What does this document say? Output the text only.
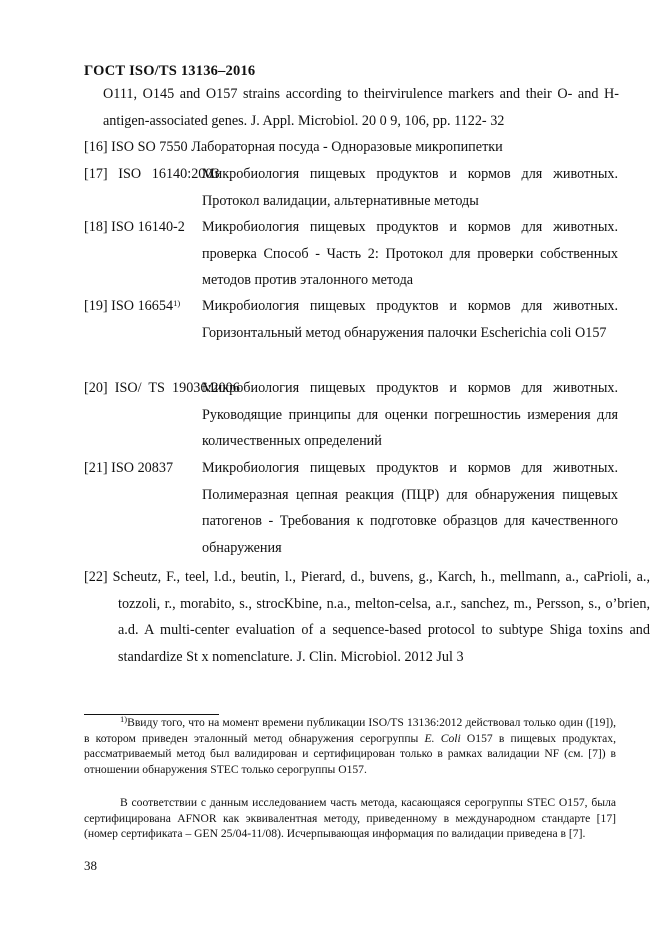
ГОСТ ISO/TS 13136–2016
O111, O145 and O157 strains according to theirvirulence markers and their O- and H-antigen-associated genes. J. Appl. Microbiol. 20 0 9, 106, pp. 1122- 32
[16] ISO SO 7550 Лабораторная посуда - Одноразовые микропипетки
[17]   ISO   16140:2003
Микробиология пищевых продуктов и кормов для животных. Протокол валидации, альтернативные методы
[18] ISO 16140-2 Микробиология пищевых продуктов и кормов для животных. проверка Способ - Часть 2: Протокол для проверки собственных методов против эталонного метода
[19] ISO 16654$^{1)}$ Микробиология пищевых продуктов и кормов для животных. Горизонтальный метод обнаружения палочки Escherichia coli O157
[20]  ISO/  TS  19036:2006
Микробиология пищевых продуктов и кормов для животных. Руководящие принципы для оценки погрешностиь измерения для количественных определений
[21] ISO 20837 Микробиология пищевых продуктов и кормов для животных. Полимеразная цепная реакция (ПЦР) для обнаружения пищевых патогенов - Требования к подготовке образцов для качественного обнаружения
[22] Scheutz, F., teel, l.d., beutin, l., Pierard, d., buvens, g., Karch, h., mellmann, a., caPrioli, a., tozzoli, r., morabito, s., strocKbine, n.a., melton-celsa, a.r., sanchez, m., Persson, s., o’brien, a.d. A multi-center evaluation of a sequence-based protocol to subtype Shiga toxins and standardize St x nomenclature. J. Clin. Microbiol. 2012 Jul 3
$^{1)}$Ввиду того, что на момент времени публикации ISO/TS 13136:2012 действовал только один ([19]), в котором приведен эталонный метод обнаружения серогруппы E. Coli O157 в пищевых продуктах, рассматриваемый метод был валидирован и сертифицирован только в рамках валидации NF (см. [7]) в отношении обнаружения STEC только серогруппы O157.
В соответствии с данным исследованием часть метода, касающаяся серогруппы STEC O157, была сертифицирована AFNOR как эквивалентная методу, приведенному в международном стандарте [17] (номер сертификата – GEN 25/04-11/08). Исчерпывающая информация по валидации приведена в [7].
38
